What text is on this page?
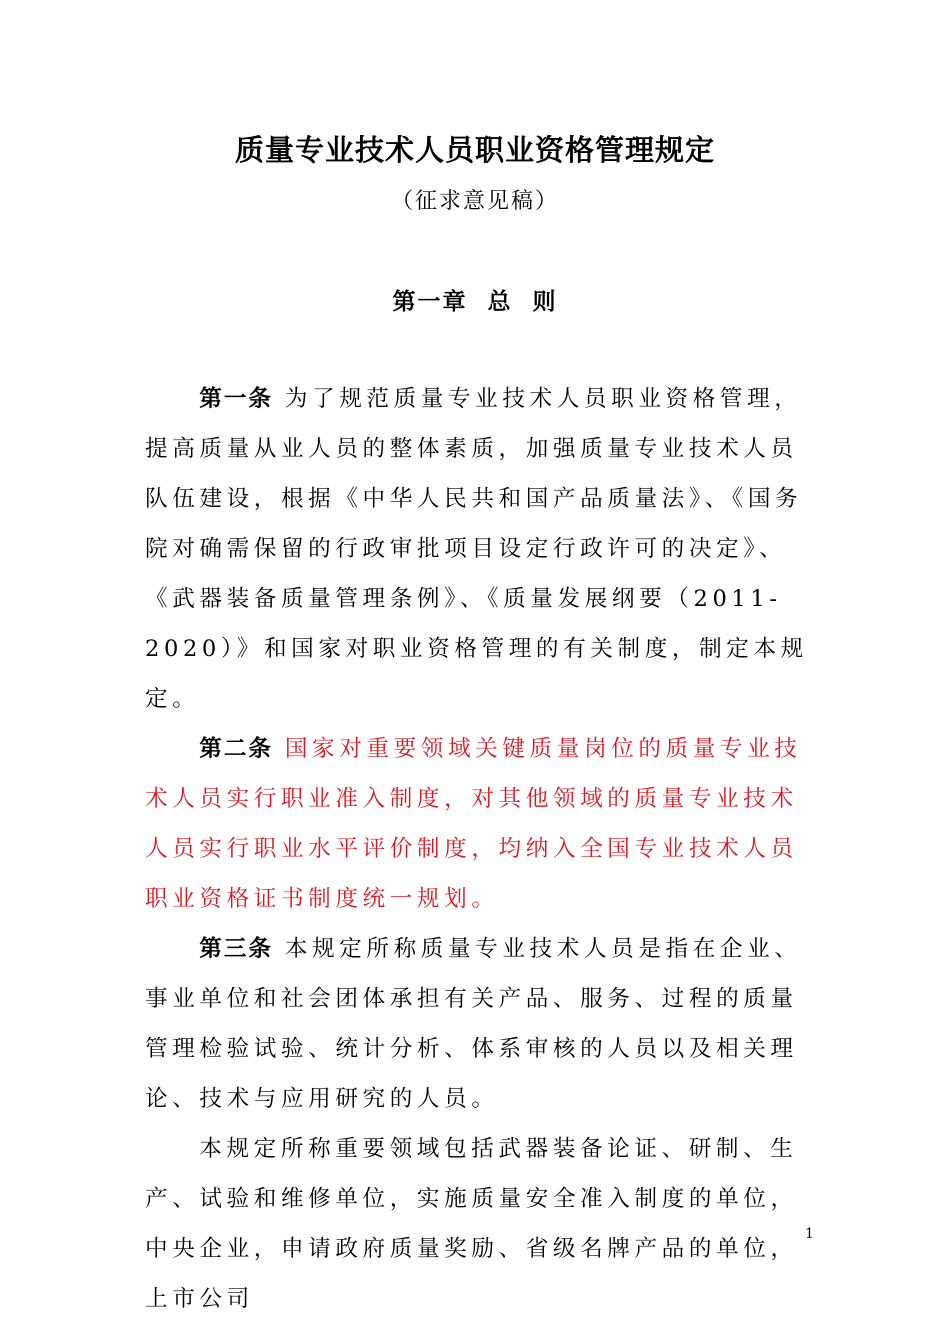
质量专业技术人员职业资格管理规定
（征求意见稿）
第一章  总  则

第一条 为了规范质量专业技术人员职业资格管理，提高质量从业人员的整体素质，加强质量专业技术人员队伍建设，根据《中华人民共和国产品质量法》、《国务院对确需保留的行政审批项目设定行政许可的决定》、《武器装备质量管理条例》、《质量发展纲要（2011-2020）》和国家对职业资格管理的有关制度，制定本规定。

第二条 国家对重要领域关键质量岗位的质量专业技术人员实行职业准入制度，对其他领域的质量专业技术人员实行职业水平评价制度，均纳入全国专业技术人员职业资格证书制度统一规划。

第三条 本规定所称质量专业技术人员是指在企业、事业单位和社会团体承担有关产品、服务、过程的质量管理检验试验、统计分析、体系审核的人员以及相关理论、技术与应用研究的人员。

本规定所称重要领域包括武器装备论证、研制、生产、试验和维修单位，实施质量安全准入制度的单位，中央企业，申请政府质量奖励、省级名牌产品的单位，上市公司

1
